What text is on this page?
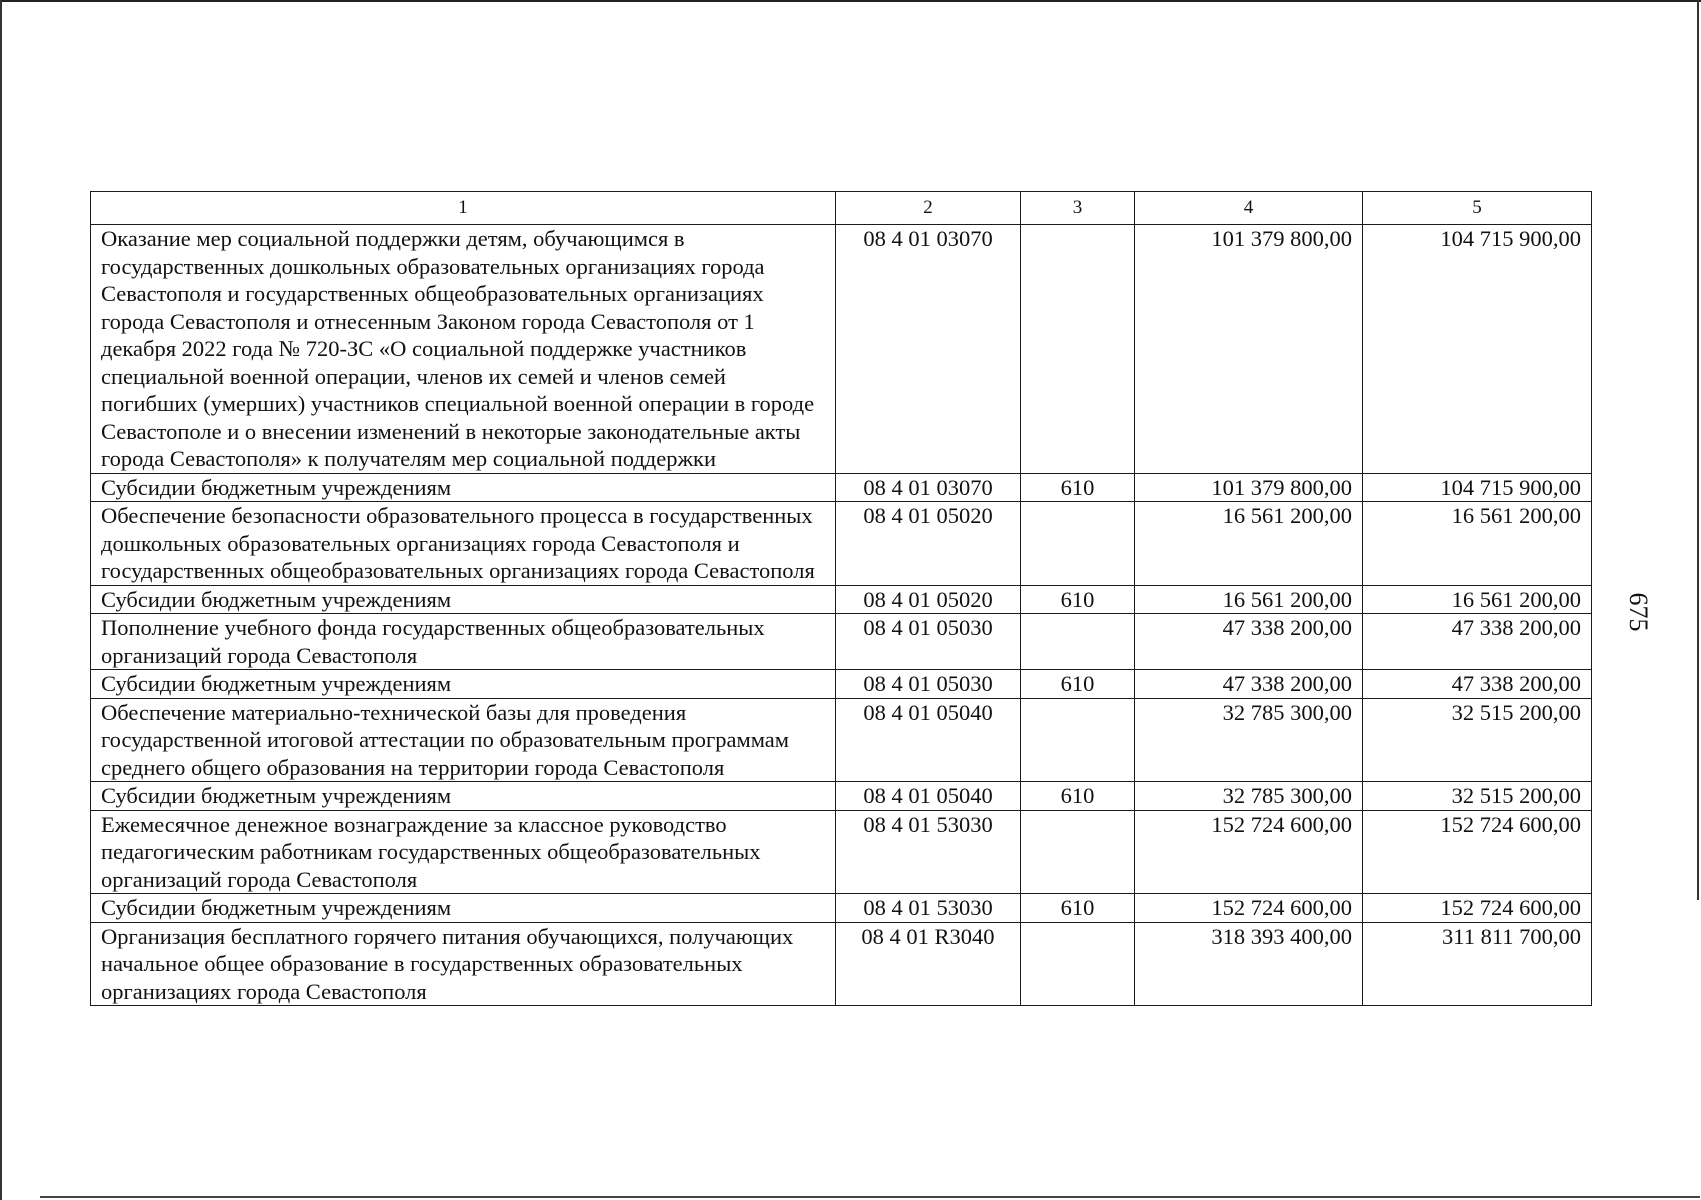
1	2	3	4	5
Оказание мер социальной поддержки детям, обучающимся в государственных дошкольных образовательных организациях города Севастополя и государственных общеобразовательных организациях города Севастополя и отнесенным Законом города Севастополя от 1 декабря 2022 года № 720-ЗС «О социальной поддержке участников специальной военной операции, членов их семей и членов семей погибших (умерших) участников специальной военной операции в городе Севастополе и о внесении изменений в некоторые законодательные акты города Севастополя» к получателям мер социальной поддержки	08 4 01 03070		101 379 800,00	104 715 900,00
Субсидии бюджетным учреждениям	08 4 01 03070	610	101 379 800,00	104 715 900,00
Обеспечение безопасности образовательного процесса в государственных дошкольных образовательных организациях города Севастополя и государственных общеобразовательных организациях города Севастополя	08 4 01 05020		16 561 200,00	16 561 200,00
Субсидии бюджетным учреждениям	08 4 01 05020	610	16 561 200,00	16 561 200,00
Пополнение учебного фонда государственных общеобразовательных организаций города Севастополя	08 4 01 05030		47 338 200,00	47 338 200,00
Субсидии бюджетным учреждениям	08 4 01 05030	610	47 338 200,00	47 338 200,00
Обеспечение материально-технической базы для проведения государственной итоговой аттестации по образовательным программам среднего общего образования на территории города Севастополя	08 4 01 05040		32 785 300,00	32 515 200,00
Субсидии бюджетным учреждениям	08 4 01 05040	610	32 785 300,00	32 515 200,00
Ежемесячное денежное вознаграждение за классное руководство педагогическим работникам государственных общеобразовательных организаций города Севастополя	08 4 01 53030		152 724 600,00	152 724 600,00
Субсидии бюджетным учреждениям	08 4 01 53030	610	152 724 600,00	152 724 600,00
Организация бесплатного горячего питания обучающихся, получающих начальное общее образование в государственных образовательных организациях города Севастополя	08 4 01 R3040		318 393 400,00	311 811 700,00
675
